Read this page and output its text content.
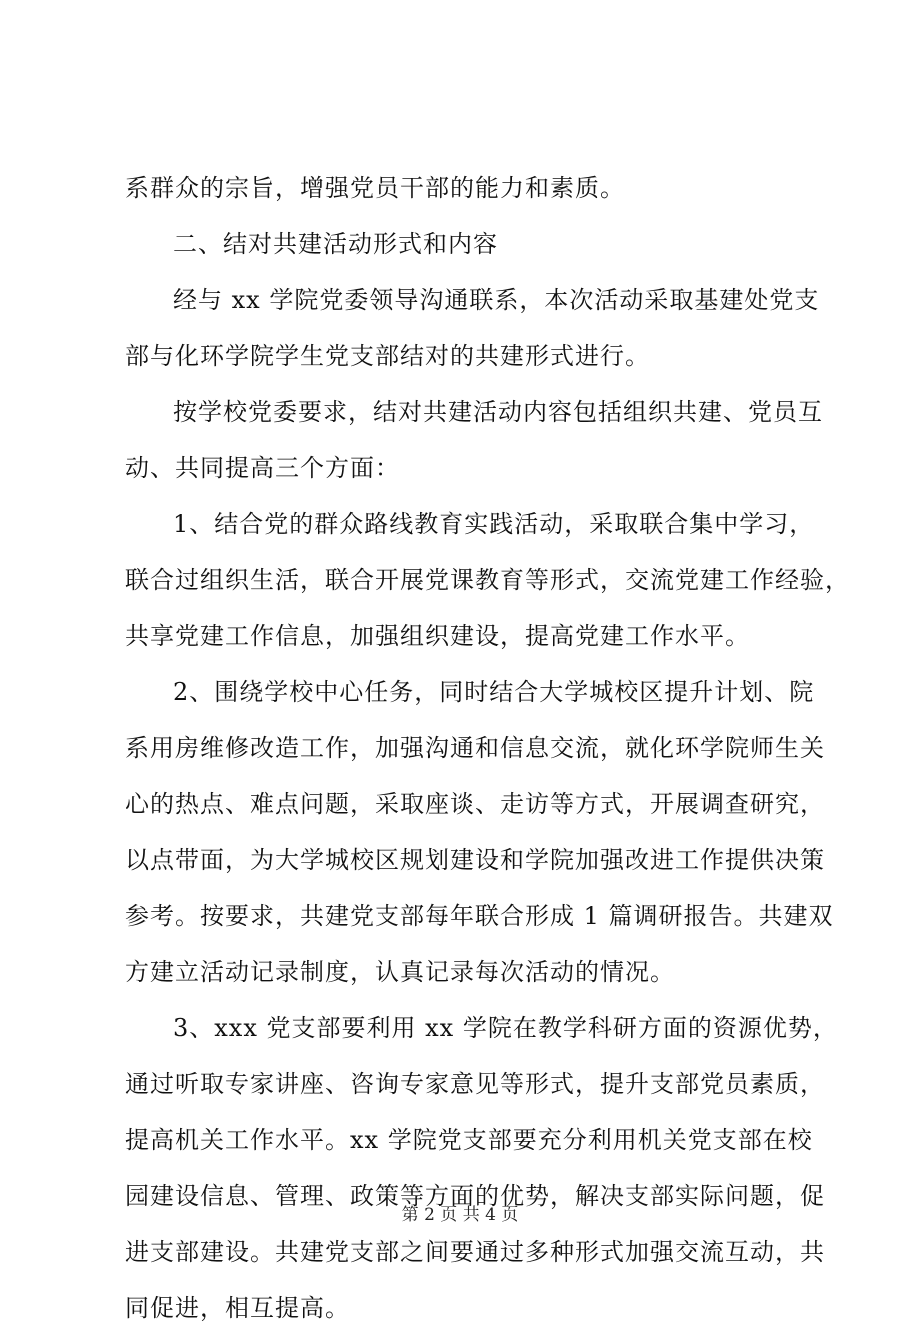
系群众的宗旨，增强党员干部的能力和素质。
二、结对共建活动形式和内容
经与 xx 学院党委领导沟通联系，本次活动采取基建处党支
部与化环学院学生党支部结对的共建形式进行。
按学校党委要求，结对共建活动内容包括组织共建、党员互
动、共同提高三个方面：
1、结合党的群众路线教育实践活动，采取联合集中学习，
联合过组织生活，联合开展党课教育等形式，交流党建工作经验，
共享党建工作信息，加强组织建设，提高党建工作水平。
2、围绕学校中心任务，同时结合大学城校区提升计划、院
系用房维修改造工作，加强沟通和信息交流，就化环学院师生关
心的热点、难点问题，采取座谈、走访等方式，开展调查研究，
以点带面，为大学城校区规划建设和学院加强改进工作提供决策
参考。按要求，共建党支部每年联合形成 1 篇调研报告。共建双
方建立活动记录制度，认真记录每次活动的情况。
3、xxx 党支部要利用 xx 学院在教学科研方面的资源优势，
通过听取专家讲座、咨询专家意见等形式，提升支部党员素质，
提高机关工作水平。xx 学院党支部要充分利用机关党支部在校
园建设信息、管理、政策等方面的优势，解决支部实际问题，促
进支部建设。共建党支部之间要通过多种形式加强交流互动，共
同促进，相互提高。
第 2 页 共 4 页
